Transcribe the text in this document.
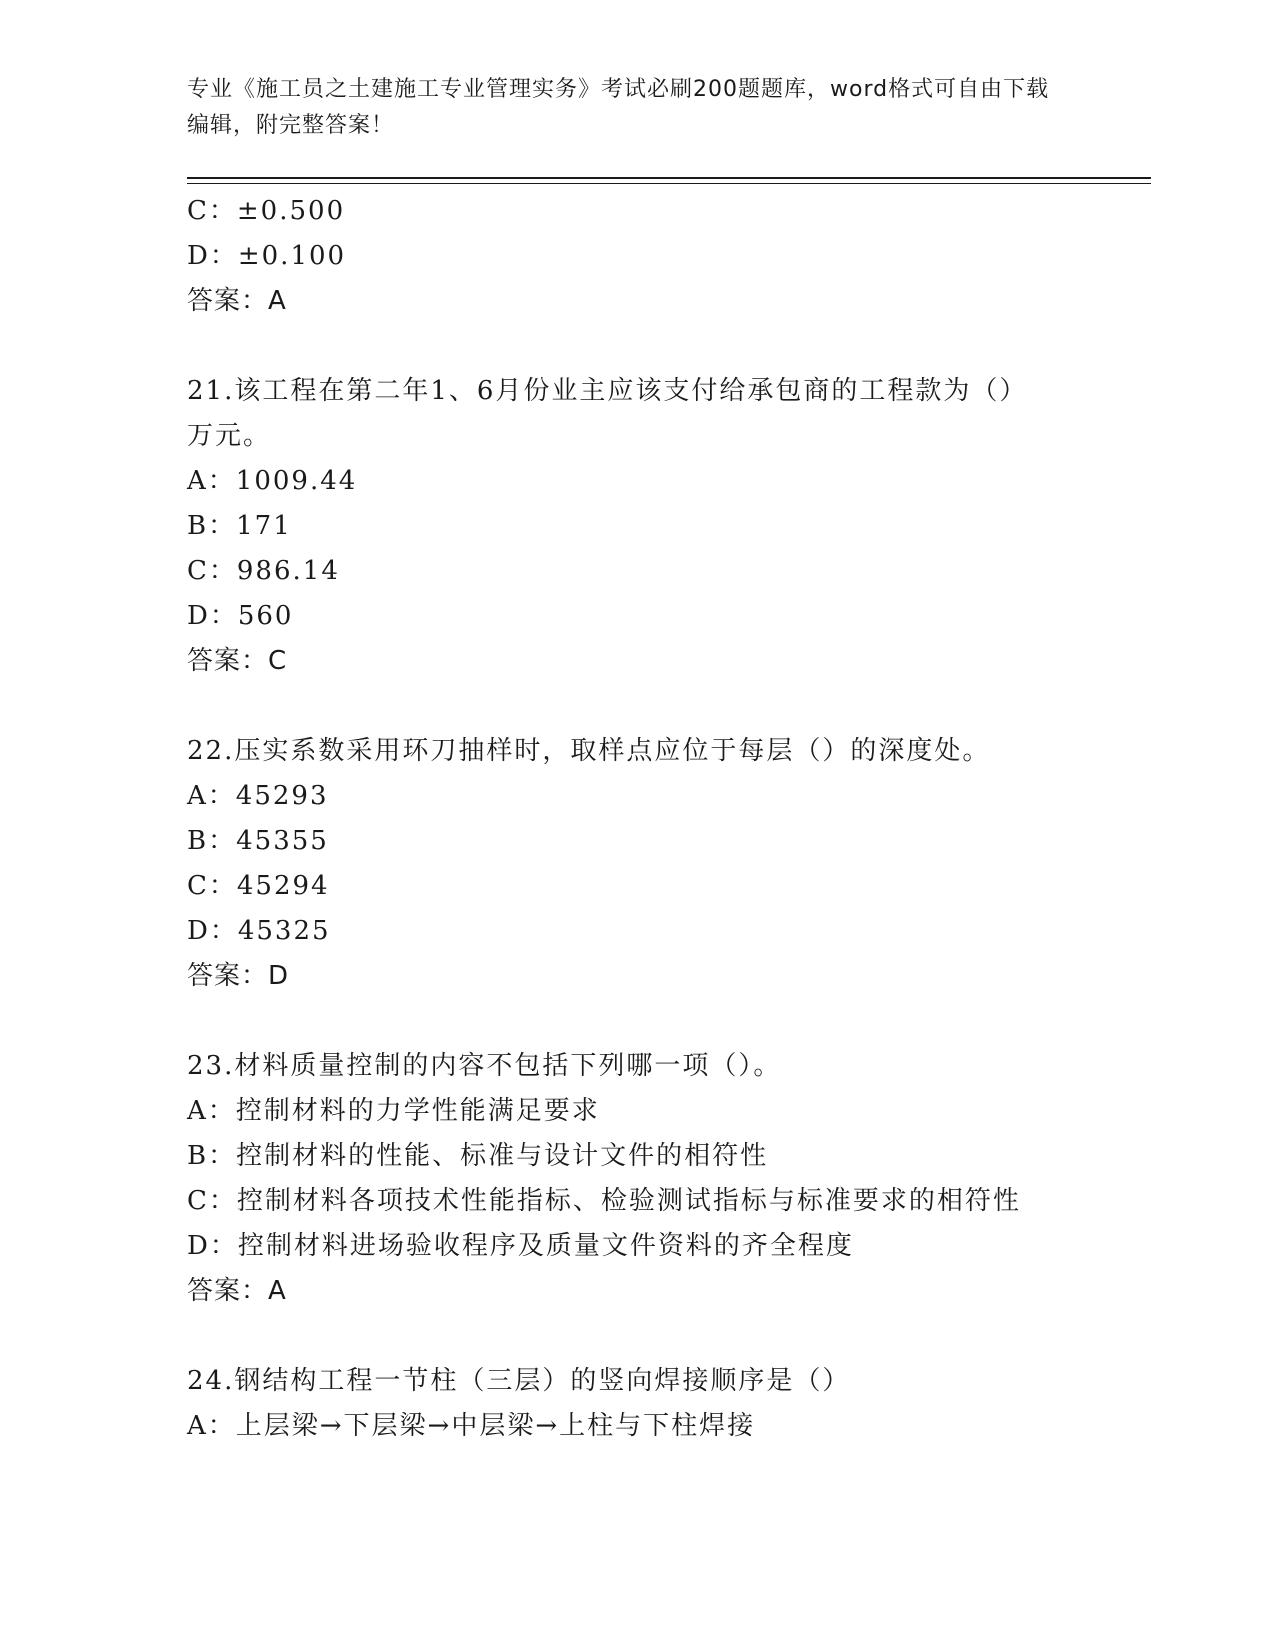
专业《施工员之土建施工专业管理实务》考试必刷200题题库，word格式可自由下载编辑，附完整答案！
C：±0.500
D：±0.100
答案：A
21.该工程在第二年1、6月份业主应该支付给承包商的工程款为（）
万元。
A：1009.44
B：171
C：986.14
D：560
答案：C
22.压实系数采用环刀抽样时，取样点应位于每层（）的深度处。
A：45293
B：45355
C：45294
D：45325
答案：D
23.材料质量控制的内容不包括下列哪一项（）。
A：控制材料的力学性能满足要求
B：控制材料的性能、标准与设计文件的相符性
C：控制材料各项技术性能指标、检验测试指标与标准要求的相符性
D：控制材料进场验收程序及质量文件资料的齐全程度
答案：A
24.钢结构工程一节柱（三层）的竖向焊接顺序是（）
A：上层梁→下层梁→中层梁→上柱与下柱焊接
